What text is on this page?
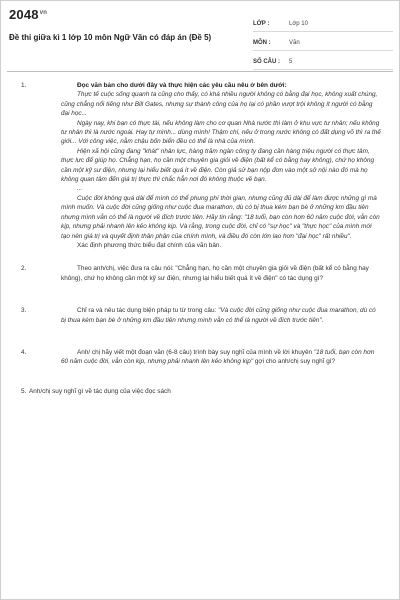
$2048^{vn}$
Đề thi giữa kì 1 lớp 10 môn Ngữ Văn có đáp án (Đề 5)
LỚP :	Lớp 10
MÔN :	Văn
SỐ CÂU :	5
1.	Đọc văn bản cho dưới đây và thực hiện các yêu cầu nêu ở bên dưới:

Thực tế cuộc sống quanh ta cũng cho thấy, có khá nhiều người không có bằng đại học, không xuất chúng, cũng chẳng nổi tiếng như Bill Gates, nhưng sự thành công của họ lại có phần vượt trội không ít người có bằng đại học...

Ngày nay, khi bạn có thực tài, nếu không làm cho cơ quan Nhà nước thì làm ở khu vực tư nhân; nếu không tư nhân thì là nước ngoài. Hay tự mình... dùng mình! Thậm chí, nếu ở trong nước không có đất dụng võ thì ra thế giới... Với công việc, nằm chậu bốn biển đều có thể là nhà của mình.

Hiện xã hội cũng đang "khát" nhân lực, hàng trăm ngàn công ty đang cần hàng triệu người có thực tâm, thực lực để giúp họ. Chẳng hạn, họ cần một chuyên gia giỏi về điện (bất kể có bằng hay không), chứ họ không cần một kỹ sư điện, nhưng lại hiểu biết quá ít về điện. Còn giả sử bạn nộp đơn vào một sở nội nào đó mà họ không quan tâm đến giá trị thực thì chắc hẳn nơi đó không thuộc về bạn.

...

Cuộc đời không quá dài để mình có thể phung phí thời gian, nhưng cũng đủ dài để làm được những gì mà mình muốn. Và cuộc đời cũng giống như cuộc đua marathon, dù có bị thua kém bạn bè ở những km đầu tiên nhưng mình vẫn có thể là người về đích trước tiên. Hãy tin rằng: "18 tuổi, bạn còn hơn 60 năm cuộc đời, vẫn còn kịp, nhưng phải nhanh lên kẻo không kịp. Và rằng, trong cuộc đời, chỉ có "sự học" và "thực học" của mình mới tạo nên giá trị và quyết định thân phận của chính mình, và điều đó còn lớn lao hơn "đại học" rất nhiều".

Xác định phương thức biểu đạt chính của văn bản.

2.	Theo anh/chị, việc đưa ra câu nói: "Chẳng hạn, họ cần một chuyên gia giỏi về điện (bất kể có bằng hay không), chứ họ không cần một kỹ sư điện, nhưng lại hiểu biết quá ít về điện" có tác dụng gì?

3.	Chỉ ra và nêu tác dụng biện pháp tu từ trong câu: "Và cuộc đời cũng giống như cuộc đua marathon, dù có bị thua kém bạn bè ở những km đầu tiên nhưng mình vẫn có thể là người về đích trước tiên".

4.	Anh/ chị hãy viết một đoạn văn (6-8 câu) trình bày suy nghĩ của mình về lời khuyên "18 tuổi, bạn còn hơn 60 năm cuộc đời, vẫn còn kịp, nhưng phải nhanh lên kẻo không kịp" gợi cho anh/chị suy nghĩ gì?

5. Anh/chị suy nghĩ gì về tác dụng của việc đọc sách
